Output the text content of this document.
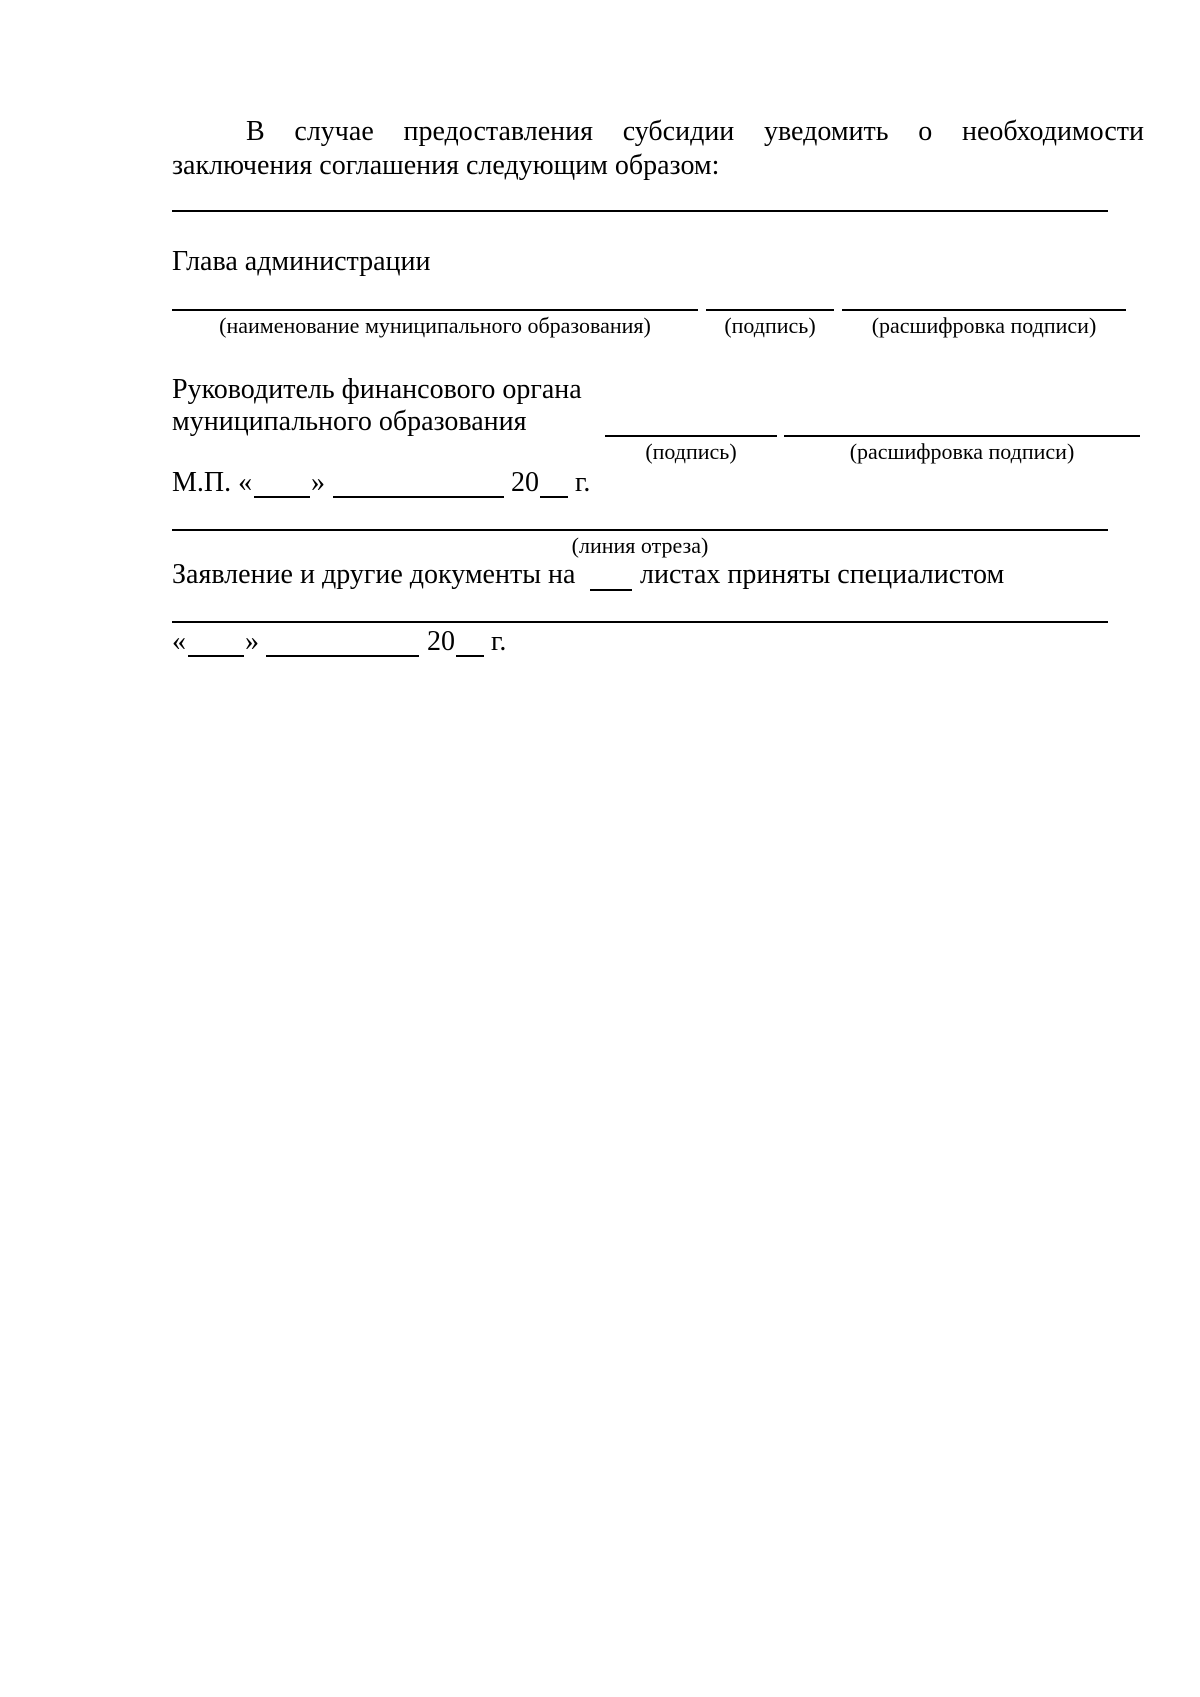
В случае предоставления субсидии уведомить о необходимости
заключения соглашения следующим образом:
Глава администрации
(наименование муниципального образования)	(подпись)	(расшифровка подписи)
Руководитель финансового органа
муниципального образования
(подпись)	(расшифровка подписи)
М.П. « »	20 г.
(линия отреза)
Заявление и другие документы на листах приняты специалистом
« »	20 г.
